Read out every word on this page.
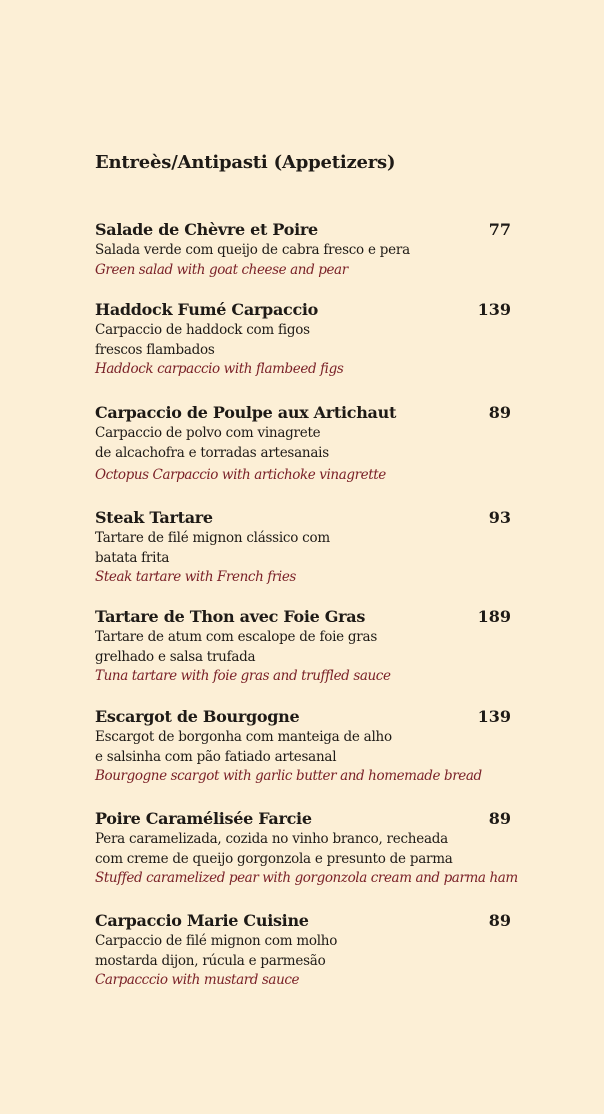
Entreès/Antipasti (Appetizers)
Salade de Chèvre et Poire	77
Salada verde com queijo de cabra fresco e pera
Green salad with goat cheese and pear
Haddock Fumé Carpaccio	139
Carpaccio de haddock com figos
frescos flambados
Haddock carpaccio with flambeed figs
Carpaccio de Poulpe aux Artichaut	89
Carpaccio de polvo com vinagrete
de alcachofra e torradas artesanais
Octopus Carpaccio with artichoke vinagrette
Steak Tartare	93
Tartare de filé mignon clássico com
batata frita
Steak tartare with French fries
Tartare de Thon avec Foie Gras	189
Tartare de atum com escalope de foie gras
grelhado e salsa trufada
Tuna tartare with foie gras and truffled sauce
Escargot de Bourgogne	139
Escargot de borgonha com manteiga de alho
e salsinha com pão fatiado artesanal
Bourgogne scargot with garlic butter and homemade bread
Poire Caramélisée Farcie	89
Pera caramelizada, cozida no vinho branco, recheada
com creme de queijo gorgonzola e presunto de parma
Stuffed caramelized pear with gorgonzola cream and parma ham
Carpaccio Marie Cuisine	89
Carpaccio de filé mignon com molho
mostarda dijon, rúcula e parmesão
Carpacccio with mustard sauce
